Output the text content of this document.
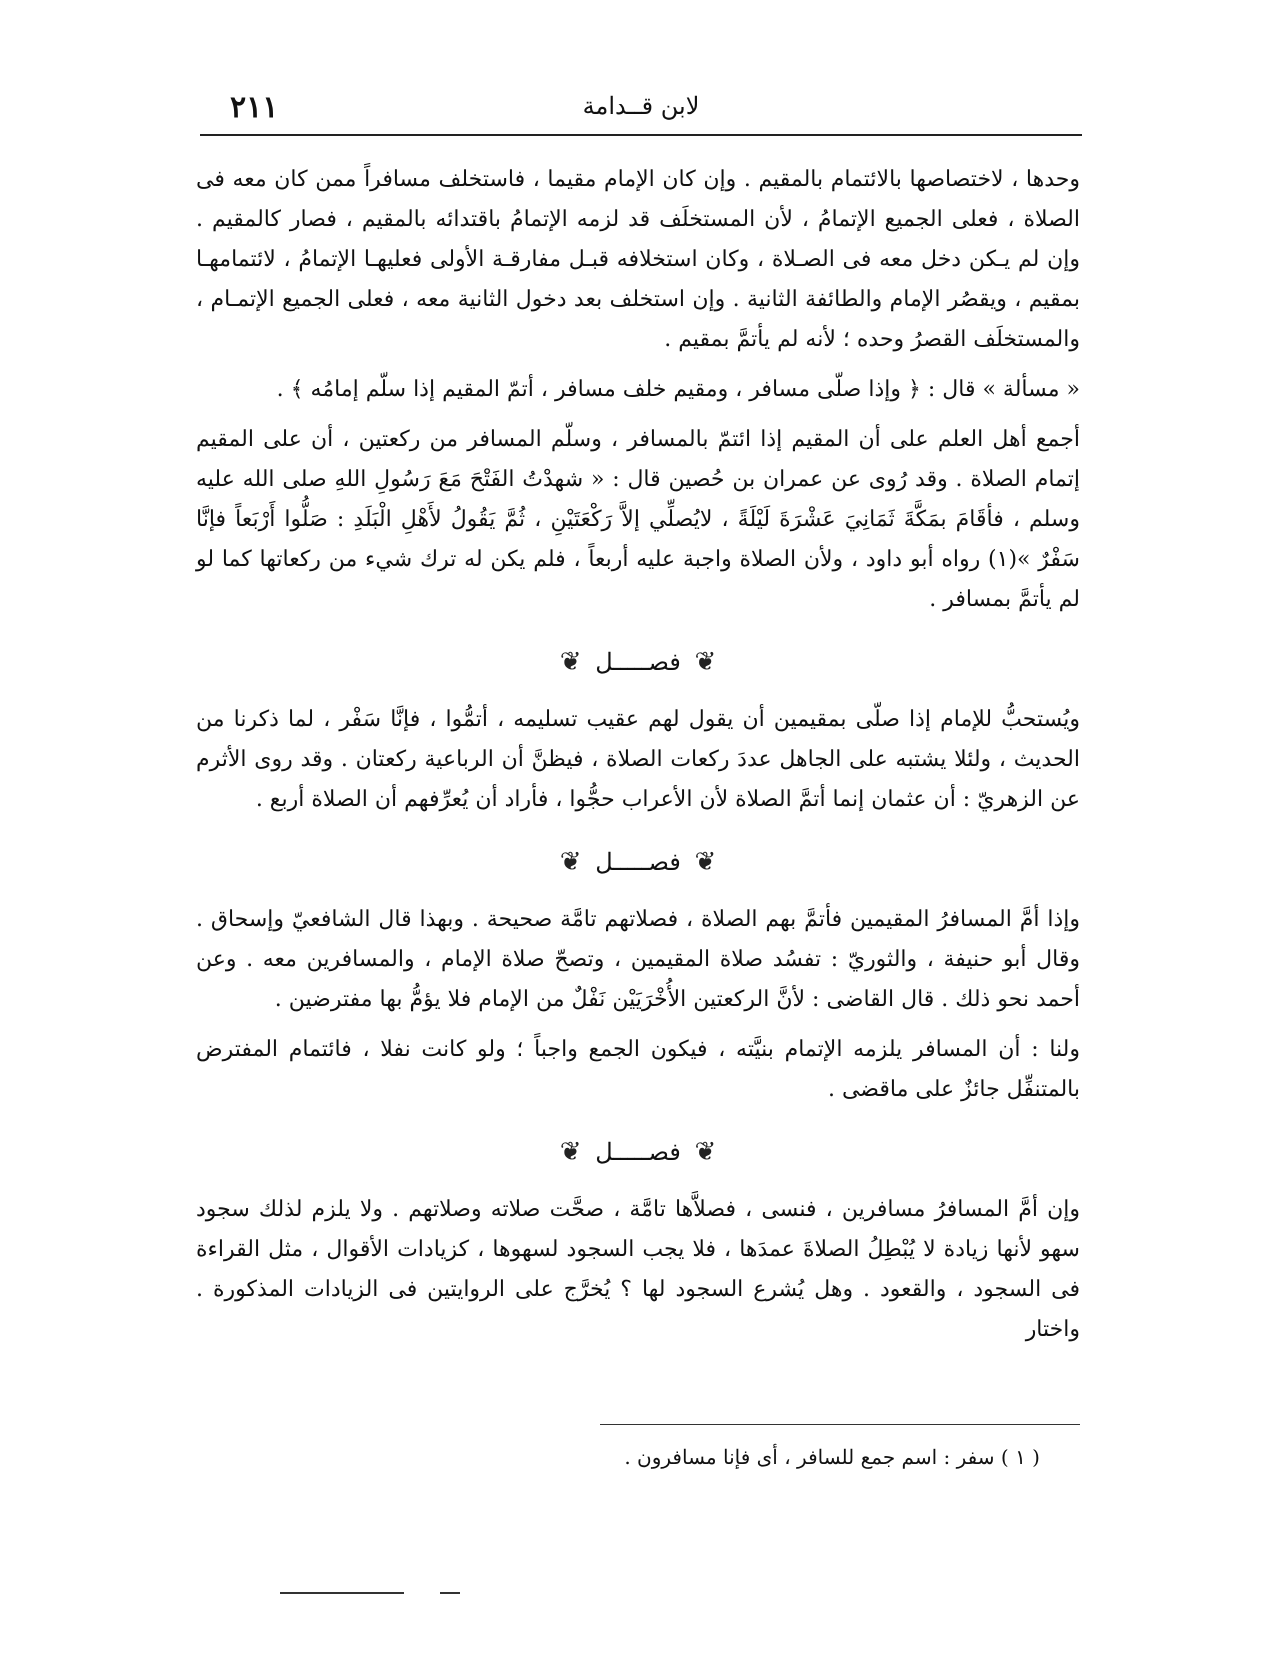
٢١١	لابن قــدامة

وحدها ، لاختصاصها بالائتمام بالمقيم . وإن كان الإمام مقيما ، فاستخلف مسافراً ممن كان معه فى الصلاة ، فعلى الجميع الإتمامُ ، لأن المستخلَف قد لزمه الإتمامُ باقتدائه بالمقيم ، فصار كالمقيم . وإن لم يـكن دخل معه فى الصـلاة ، وكان استخلافه قبـل مفارقـة الأولى فعليهـا الإتمامُ ، لائتمامهـا بمقيم ، ويقصُر الإمام والطائفة الثانية . وإن استخلف بعد دخول الثانية معه ، فعلى الجميع الإتمـام ، والمستخلَف القصرُ وحده ؛ لأنه لم يأتمَّ بمقيم .

« مسألة » قال : ﴿ وإذا صلّى مسافر ، ومقيم خلف مسافر ، أتمّ المقيم إذا سلّم إمامُه ﴾ .

أجمع أهل العلم على أن المقيم إذا ائتمّ بالمسافر ، وسلّم المسافر من ركعتين ، أن على المقيم إتمام الصلاة . وقد رُوى عن عمران بن حُصين قال : « شهدْتُ الفَتْحَ مَعَ رَسُولِ اللهِ صلى الله عليه وسلم ، فأقَامَ بمَكَّةَ ثَمَانِيَ عَشْرَةَ لَيْلَةً ، لايُصلِّي إلاَّ رَكْعَتَيْنِ ، ثُمَّ يَقُولُ لأَهْلِ الْبَلَدِ : صَلُّوا أَرْبَعاً فإنَّا سَفْرٌ »(١) رواه أبو داود ، ولأن الصلاة واجبة عليه أربعاً ، فلم يكن له ترك شيء من ركعاتها كما لو لم يأتمَّ بمسافر .

❦ فصـــــل ❦

ويُستحبُّ للإمام إذا صلّى بمقيمين أن يقول لهم عقيب تسليمه ، أتمُّوا ، فإنَّا سَفْر ، لما ذكرنا من الحديث ، ولئلا يشتبه على الجاهل عددَ ركعات الصلاة ، فيظنَّ أن الرباعية ركعتان . وقد روى الأثرم عن الزهريّ : أن عثمان إنما أتمَّ الصلاة لأن الأعراب حجُّوا ، فأراد أن يُعرِّفهم أن الصلاة أربع .

❦ فصـــــل ❦

وإذا أمَّ المسافرُ المقيمين فأتمَّ بهم الصلاة ، فصلاتهم تامَّة صحيحة . وبهذا قال الشافعيّ وإسحاق . وقال أبو حنيفة ، والثوريّ : تفسُد صلاة المقيمين ، وتصحّ صلاة الإمام ، والمسافرين معه . وعن أحمد نحو ذلك . قال القاضى : لأنَّ الركعتين الأُخْرَيَيْن نَفْلٌ من الإمام فلا يؤمُّ بها مفترضين .

ولنا : أن المسافر يلزمه الإتمام بنيَّته ، فيكون الجمع واجباً ؛ ولو كانت نفلا ، فائتمام المفترض بالمتنفِّل جائزٌ على ماقضى .

❦ فصـــــل ❦

وإن أمَّ المسافرُ مسافرين ، فنسى ، فصلاَّها تامَّة ، صحَّت صلاته وصلاتهم . ولا يلزم لذلك سجود سهو لأنها زيادة لا يُبْطِلُ الصلاةَ عمدَها ، فلا يجب السجود لسهوها ، كزيادات الأقوال ، مثل القراءة فى السجود ، والقعود . وهل يُشرع السجود لها ؟ يُخرَّج على الروايتين فى الزيادات المذكورة . واختار

( ١ ) سفر : اسم جمع للسافر ، أى فإنا مسافرون .
